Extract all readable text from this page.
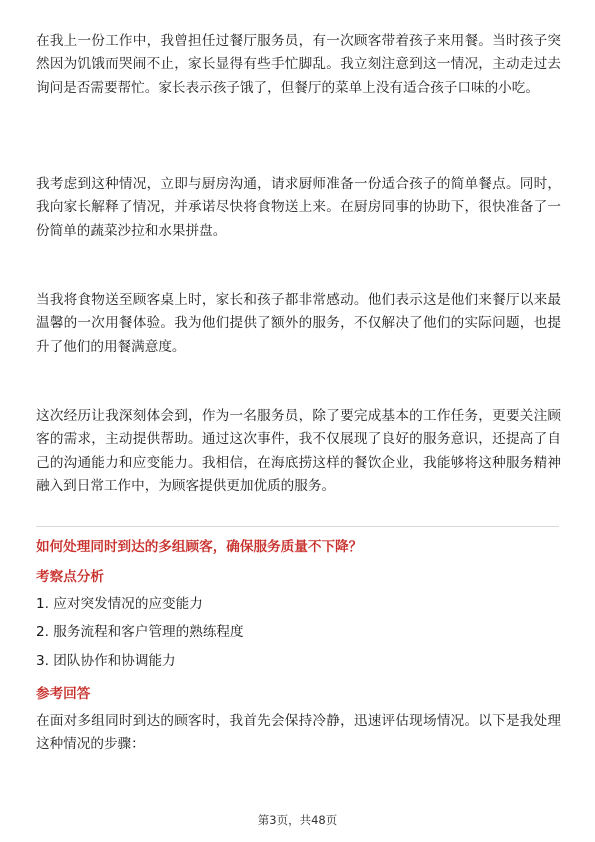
在我上一份工作中，我曾担任过餐厅服务员，有一次顾客带着孩子来用餐。当时孩子突然因为饥饿而哭闹不止，家长显得有些手忙脚乱。我立刻注意到这一情况，主动走过去询问是否需要帮忙。家长表示孩子饿了，但餐厅的菜单上没有适合孩子口味的小吃。

我考虑到这种情况，立即与厨房沟通，请求厨师准备一份适合孩子的简单餐点。同时，我向家长解释了情况，并承诺尽快将食物送上来。在厨房同事的协助下，很快准备了一份简单的蔬菜沙拉和水果拼盘。

当我将食物送至顾客桌上时，家长和孩子都非常感动。他们表示这是他们来餐厅以来最温馨的一次用餐体验。我为他们提供了额外的服务，不仅解决了他们的实际问题，也提升了他们的用餐满意度。

这次经历让我深刻体会到，作为一名服务员，除了要完成基本的工作任务，更要关注顾客的需求，主动提供帮助。通过这次事件，我不仅展现了良好的服务意识，还提高了自己的沟通能力和应变能力。我相信，在海底捞这样的餐饮企业，我能够将这种服务精神融入到日常工作中，为顾客提供更加优质的服务。

如何处理同时到达的多组顾客，确保服务质量不下降？

考察点分析

1. 应对突发情况的应变能力

2. 服务流程和客户管理的熟练程度

3. 团队协作和协调能力

参考回答

在面对多组同时到达的顾客时，我首先会保持冷静，迅速评估现场情况。以下是我处理这种情况的步骤：

第3页，共48页
